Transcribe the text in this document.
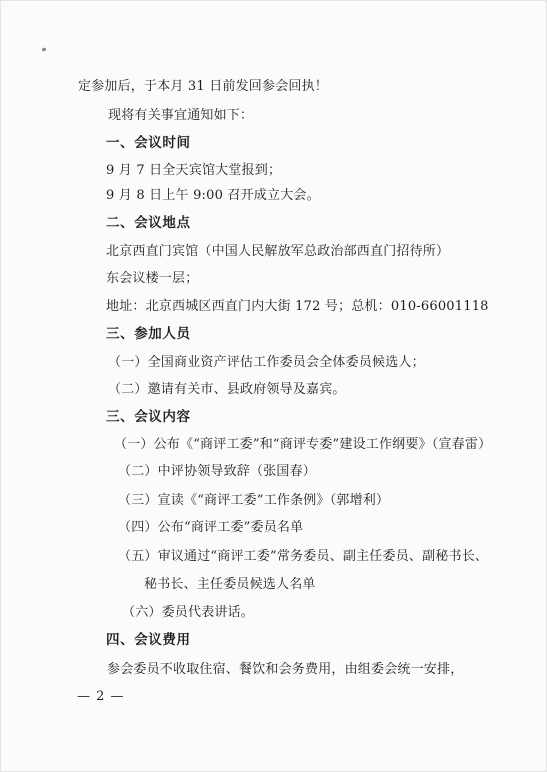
定参加后，于本月 31 日前发回参会回执！
现将有关事宜通知如下：
一、会议时间
9 月 7 日全天宾馆大堂报到；
9 月 8 日上午 9:00 召开成立大会。
二、会议地点
北京西直门宾馆（中国人民解放军总政治部西直门招待所）
东会议楼一层；
地址：北京西城区西直门内大街 172 号；总机：010-66001118
三、参加人员
（一）全国商业资产评估工作委员会全体委员候选人；
（二）邀请有关市、县政府领导及嘉宾。
三、会议内容
（一）公布《“商评工委”和“商评专委”建设工作纲要》（宣春雷）
（二）中评协领导致辞（张国春）
（三）宣读《“商评工委”工作条例》（郭增利）
（四）公布“商评工委”委员名单
（五）审议通过“商评工委”常务委员、副主任委员、副秘书长、
秘书长、主任委员候选人名单
（六）委员代表讲话。
四、会议费用
参会委员不收取住宿、餐饮和会务费用，由组委会统一安排，
— 2 —
